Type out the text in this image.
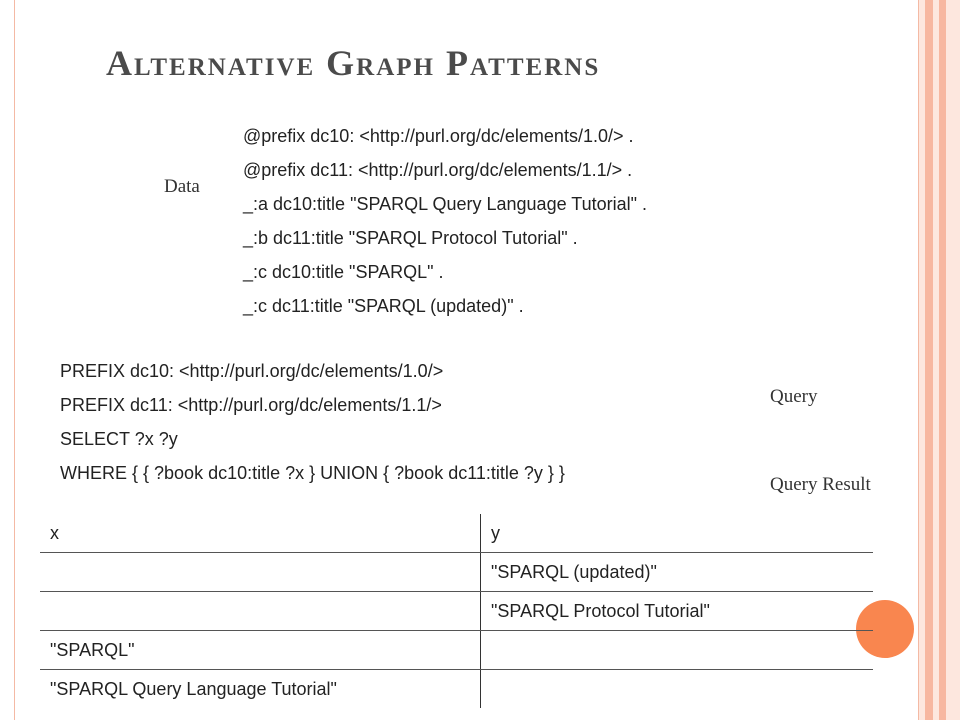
Alternative Graph Patterns
Data
@prefix dc10: <http://purl.org/dc/elements/1.0/> .
@prefix dc11: <http://purl.org/dc/elements/1.1/> .
_:a dc10:title "SPARQL Query Language Tutorial" .
_:b dc11:title "SPARQL Protocol Tutorial" .
_:c dc10:title "SPARQL" .
_:c dc11:title "SPARQL (updated)" .
PREFIX dc10: <http://purl.org/dc/elements/1.0/>
PREFIX dc11: <http://purl.org/dc/elements/1.1/>
SELECT ?x ?y
WHERE { { ?book dc10:title ?x } UNION { ?book dc11:title ?y } }
Query
Query Result
x	y
	"SPARQL (updated)"
	"SPARQL Protocol Tutorial"
"SPARQL"	
"SPARQL Query Language Tutorial"	
